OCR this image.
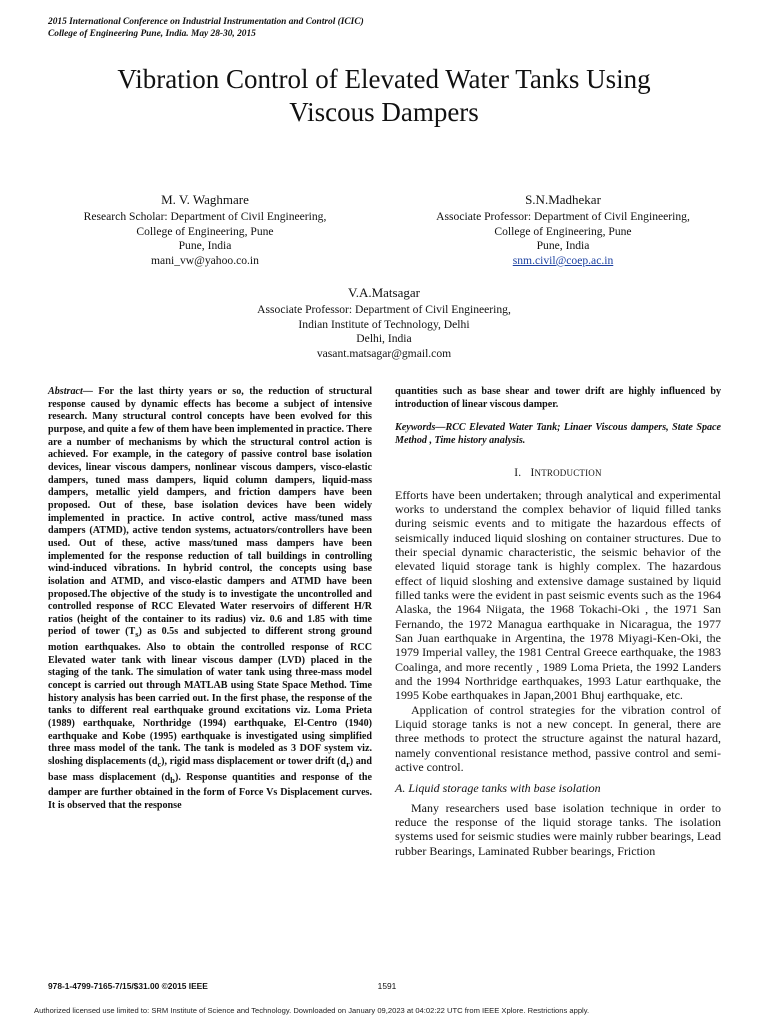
2015 International Conference on Industrial Instrumentation and Control (ICIC)
College of Engineering Pune, India. May 28-30, 2015
Vibration Control of Elevated Water Tanks Using
Viscous Dampers
M. V. Waghmare
Research Scholar: Department of Civil Engineering,
College of Engineering, Pune
Pune, India
mani_vw@yahoo.co.in
S.N.Madhekar
Associate Professor: Department of Civil Engineering,
College of Engineering, Pune
Pune, India
snm.civil@coep.ac.in
V.A.Matsagar
Associate Professor: Department of Civil Engineering,
Indian Institute of Technology, Delhi
Delhi, India
vasant.matsagar@gmail.com

Abstract— For the last thirty years or so, the reduction of structural response caused by dynamic effects has become a subject of intensive research. Many structural control concepts have been evolved for this purpose, and quite a few of them have been implemented in practice. There are a number of mechanisms by which the structural control action is achieved. For example, in the category of passive control base isolation devices, linear viscous dampers, nonlinear viscous dampers, visco-elastic dampers, tuned mass dampers, liquid column dampers, liquid-mass dampers, metallic yield dampers, and friction dampers have been proposed. Out of these, base isolation devices have been widely implemented in practice. In active control, active mass/tuned mass dampers (ATMD), active tendon systems, actuators/controllers have been used. Out of these, active mass/tuned mass dampers have been implemented for the response reduction of tall buildings in controlling wind-induced vibrations. In hybrid control, the concepts using base isolation and ATMD, and visco-elastic dampers and ATMD have been proposed.The objective of the study is to investigate the uncontrolled and controlled response of RCC Elevated Water reservoirs of different H/R ratios (height of the container to its radius) viz. 0.6 and 1.85 with time period of tower $(T_s)$ as 0.5s and subjected to different strong ground motion earthquakes. Also to obtain the controlled response of RCC Elevated water tank with linear viscous damper (LVD) placed in the staging of the tank. The simulation of water tank using three-mass model concept is carried out through MATLAB using State Space Method. Time history analysis has been carried out. In the first phase, the response of the tanks to different real earthquake ground excitations viz. Loma Prieta (1989) earthquake, Northridge (1994) earthquake, El-Centro (1940) earthquake and Kobe (1995) earthquake is investigated using simplified three mass model of the tank. The tank is modeled as 3 DOF system viz. sloshing displacements $(d_c)$, rigid mass displacement or tower drift $(d_r)$ and base mass displacement $(d_b)$. Response quantities and response of the damper are further obtained in the form of Force Vs Displacement curves. It is observed that the response

quantities such as base shear and tower drift are highly influenced by introduction of linear viscous damper.

Keywords—RCC Elevated Water Tank; Linaer Viscous dampers, State Space Method , Time history analysis.

I. INTRODUCTION

Efforts have been undertaken; through analytical and experimental works to understand the complex behavior of liquid filled tanks during seismic events and to mitigate the hazardous effects of seismically induced liquid sloshing on container structures. Due to their special dynamic characteristic, the seismic behavior of the elevated liquid storage tank is highly complex. The hazardous effect of liquid sloshing and extensive damage sustained by liquid filled tanks were the evident in past seismic events such as the 1964 Alaska, the 1964 Niigata, the 1968 Tokachi-Oki , the 1971 San Fernando, the 1972 Managua earthquake in Nicaragua, the 1977 San Juan earthquake in Argentina, the 1978 Miyagi-Ken-Oki, the 1979 Imperial valley, the 1981 Central Greece earthquake, the 1983 Coalinga, and more recently , 1989 Loma Prieta, the 1992 Landers and the 1994 Northridge earthquakes, 1993 Latur earthquake, the 1995 Kobe earthquakes in Japan,2001 Bhuj earthquake, etc.

Application of control strategies for the vibration control of Liquid storage tanks is not a new concept. In general, there are three methods to protect the structure against the natural hazard, namely conventional resistance method, passive control and semi-active control.

A. Liquid storage tanks with base isolation

Many researchers used base isolation technique in order to reduce the response of the liquid storage tanks. The isolation systems used for seismic studies were mainly rubber bearings, Lead rubber Bearings, Laminated Rubber bearings, Friction

978-1-4799-7165-7/15/$31.00 ©2015 IEEE	1591
Authorized licensed use limited to: SRM Institute of Science and Technology. Downloaded on January 09,2023 at 04:02:22 UTC from IEEE Xplore. Restrictions apply.
